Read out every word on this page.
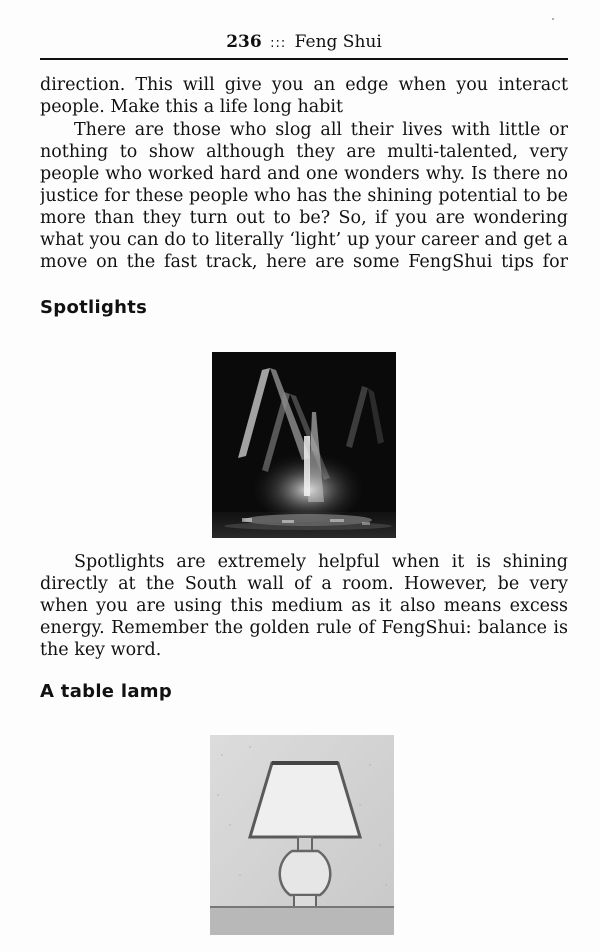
236 ::: Feng Shui

direction. This will give you an edge when you interact
people. Make this a life long habit

There are those who slog all their lives with little or
nothing to show although they are multi-talented, very
people who worked hard and one wonders why. Is there no
justice for these people who has the shining potential to be
more than they turn out to be? So, if you are wondering
what you can do to literally ‘light’ up your career and get a
move on the fast track, here are some FengShui tips for

Spotlights

Spotlights are extremely helpful when it is shining
directly at the South wall of a room. However, be very
when you are using this medium as it also means excess
energy. Remember the golden rule of FengShui: balance is
the key word.

A table lamp
